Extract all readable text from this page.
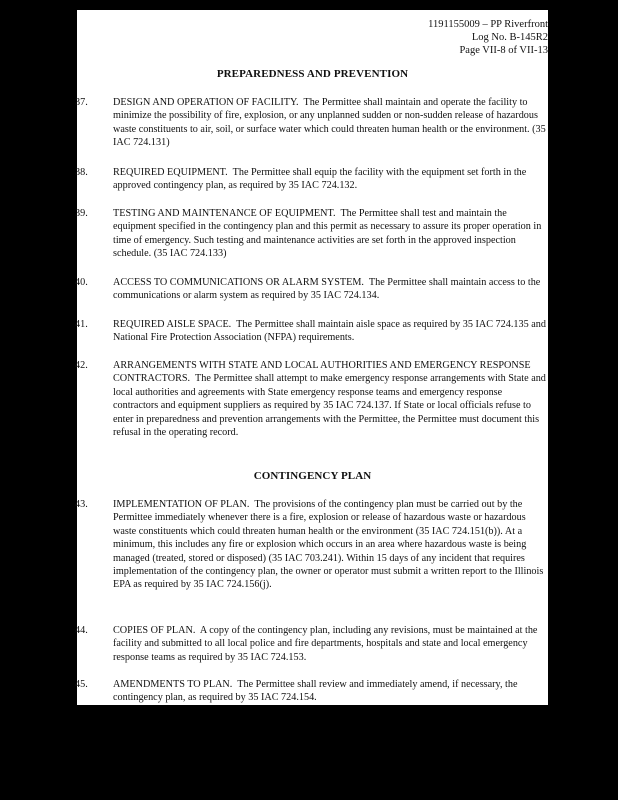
1191155009 – PP Riverfront
Log No. B-145R2
Page VII-8 of VII-13
PREPAREDNESS AND PREVENTION
37. DESIGN AND OPERATION OF FACILITY. The Permittee shall maintain and operate the facility to minimize the possibility of fire, explosion, or any unplanned sudden or non-sudden release of hazardous waste constituents to air, soil, or surface water which could threaten human health or the environment. (35 IAC 724.131)
38. REQUIRED EQUIPMENT. The Permittee shall equip the facility with the equipment set forth in the approved contingency plan, as required by 35 IAC 724.132.
39. TESTING AND MAINTENANCE OF EQUIPMENT. The Permittee shall test and maintain the equipment specified in the contingency plan and this permit as necessary to assure its proper operation in time of emergency. Such testing and maintenance activities are set forth in the approved inspection schedule. (35 IAC 724.133)
40. ACCESS TO COMMUNICATIONS OR ALARM SYSTEM. The Permittee shall maintain access to the communications or alarm system as required by 35 IAC 724.134.
41. REQUIRED AISLE SPACE. The Permittee shall maintain aisle space as required by 35 IAC 724.135 and National Fire Protection Association (NFPA) requirements.
42. ARRANGEMENTS WITH STATE AND LOCAL AUTHORITIES AND EMERGENCY RESPONSE CONTRACTORS. The Permittee shall attempt to make emergency response arrangements with State and local authorities and agreements with State emergency response teams and emergency response contractors and equipment suppliers as required by 35 IAC 724.137. If State or local officials refuse to enter in preparedness and prevention arrangements with the Permittee, the Permittee must document this refusal in the operating record.
CONTINGENCY PLAN
43. IMPLEMENTATION OF PLAN. The provisions of the contingency plan must be carried out by the Permittee immediately whenever there is a fire, explosion or release of hazardous waste or hazardous waste constituents which could threaten human health or the environment (35 IAC 724.151(b)). At a minimum, this includes any fire or explosion which occurs in an area where hazardous waste is being managed (treated, stored or disposed) (35 IAC 703.241). Within 15 days of any incident that requires implementation of the contingency plan, the owner or operator must submit a written report to the Illinois EPA as required by 35 IAC 724.156(j).
44. COPIES OF PLAN. A copy of the contingency plan, including any revisions, must be maintained at the facility and submitted to all local police and fire departments, hospitals and state and local emergency response teams as required by 35 IAC 724.153.
45. AMENDMENTS TO PLAN. The Permittee shall review and immediately amend, if necessary, the contingency plan, as required by 35 IAC 724.154.
